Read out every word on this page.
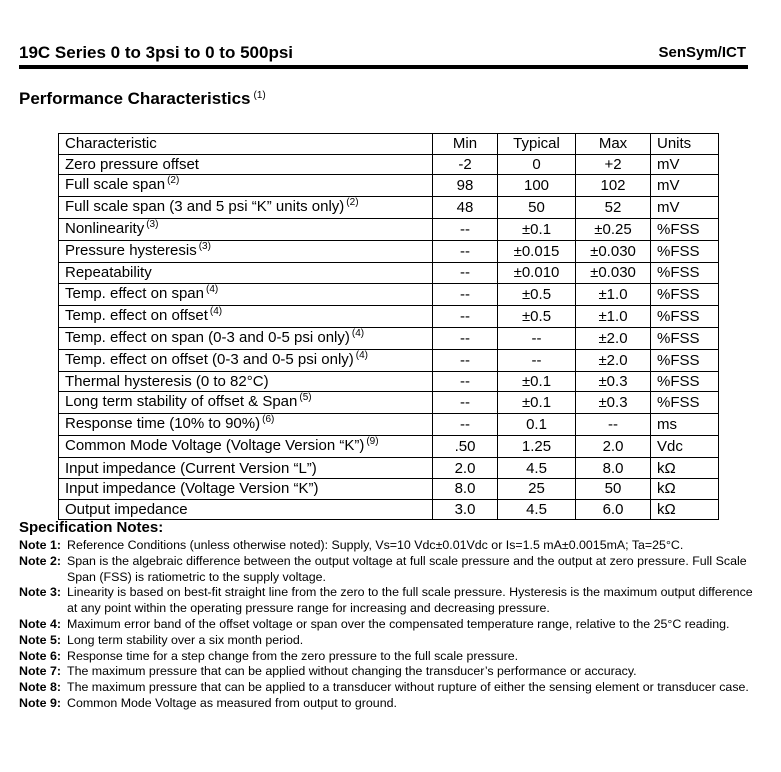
19C Series 0 to 3psi to 0 to 500psi	SenSym/ICT
Performance Characteristics $^{(1)}$
Characteristic	Min	Typical	Max	Units
Zero pressure offset	-2	0	+2	mV
Full scale span $^{(2)}$	98	100	102	mV
Full scale span (3 and 5 psi “K” units only) $^{(2)}$	48	50	52	mV
Nonlinearity $^{(3)}$	--	±0.1	±0.25	%FSS
Pressure hysteresis $^{(3)}$	--	±0.015	±0.030	%FSS
Repeatability	--	±0.010	±0.030	%FSS
Temp. effect on span $^{(4)}$	--	±0.5	±1.0	%FSS
Temp. effect on offset $^{(4)}$	--	±0.5	±1.0	%FSS
Temp. effect on span (0-3 and 0-5 psi only) $^{(4)}$	--	--	±2.0	%FSS
Temp. effect on offset (0-3 and 0-5 psi only) $^{(4)}$	--	--	±2.0	%FSS
Thermal hysteresis (0 to 82°C)	--	±0.1	±0.3	%FSS
Long term stability of offset & Span $^{(5)}$	--	±0.1	±0.3	%FSS
Response time (10% to 90%) $^{(6)}$	--	0.1	--	ms
Common Mode Voltage (Voltage Version “K”) $^{(9)}$	.50	1.25	2.0	Vdc
Input impedance (Current Version “L”)	2.0	4.5	8.0	kΩ
Input impedance (Voltage Version “K”)	8.0	25	50	kΩ
Output impedance	3.0	4.5	6.0	kΩ
Specification Notes:
Note 1: Reference Conditions (unless otherwise noted): Supply, Vs=10 Vdc±0.01Vdc or Is=1.5 mA±0.0015mA; Ta=25°C.
Note 2: Span is the algebraic difference between the output voltage at full scale pressure and the output at zero pressure. Full Scale Span (FSS) is ratiometric to the supply voltage.
Note 3: Linearity is based on best-fit straight line from the zero to the full scale pressure. Hysteresis is the maximum output difference at any point within the operating pressure range for increasing and decreasing pressure.
Note 4: Maximum error band of the offset voltage or span over the compensated temperature range, relative to the 25°C reading.
Note 5: Long term stability over a six month period.
Note 6: Response time for a step change from the zero pressure to the full scale pressure.
Note 7: The maximum pressure that can be applied without changing the transducer’s performance or accuracy.
Note 8: The maximum pressure that can be applied to a transducer without rupture of either the sensing element or transducer case.
Note 9: Common Mode Voltage as measured from output to ground.
